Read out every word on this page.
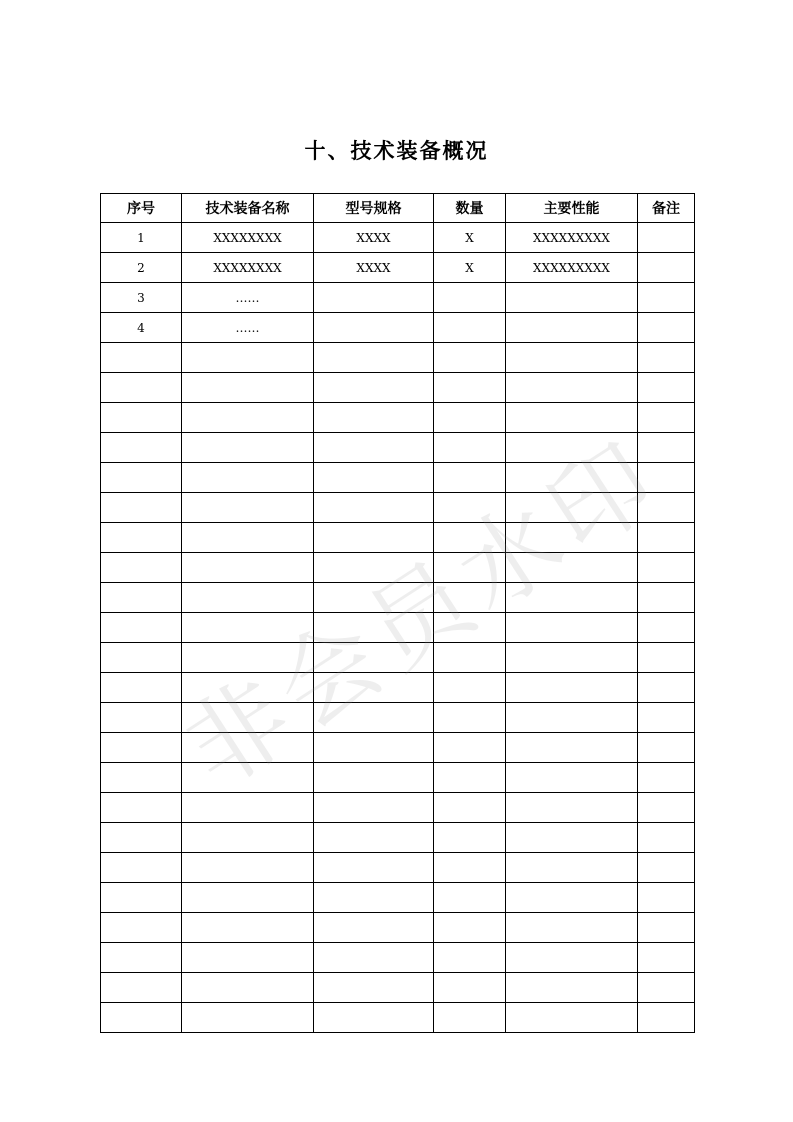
十、技术装备概况
序号	技术装备名称	型号规格	数量	主要性能	备注
1	XXXXXXXX	XXXX	X	XXXXXXXXX	
2	XXXXXXXX	XXXX	X	XXXXXXXXX	
3	……				
4	……				

非会员水印
